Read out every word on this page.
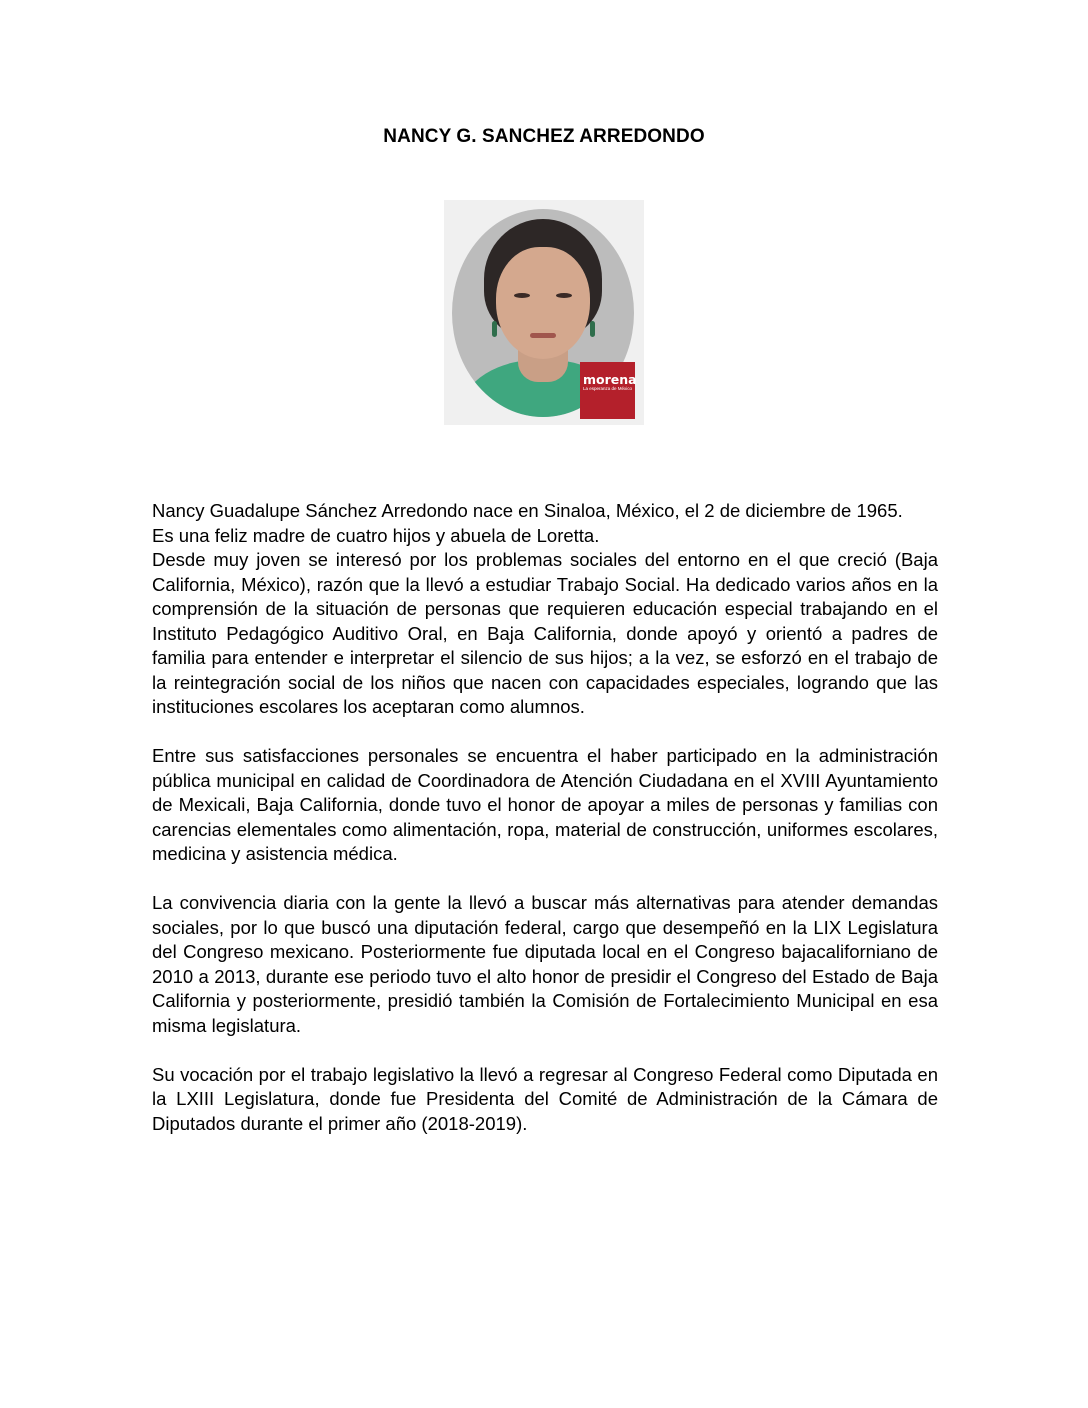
NANCY G. SANCHEZ ARREDONDO
morena
La esperanza de México

Nancy Guadalupe Sánchez Arredondo nace en Sinaloa, México, el 2 de diciembre de 1965.

Es una feliz madre de cuatro hijos y abuela de Loretta.

Desde muy joven se interesó por los problemas sociales del entorno en el que creció (Baja California, México), razón que la llevó a estudiar Trabajo Social. Ha dedicado varios años en la comprensión de la situación de personas que requieren educación especial trabajando en el Instituto Pedagógico Auditivo Oral, en Baja California, donde apoyó y orientó a padres de familia para entender e interpretar el silencio de sus hijos; a la vez, se esforzó en el trabajo de la reintegración social de los niños que nacen con capacidades especiales, logrando que las instituciones escolares los aceptaran como alumnos.

Entre sus satisfacciones personales se encuentra el haber participado en la administración pública municipal en calidad de Coordinadora de Atención Ciudadana en el XVIII Ayuntamiento de Mexicali, Baja California, donde tuvo el honor de apoyar a miles de personas y familias con carencias elementales como alimentación, ropa, material de construcción, uniformes escolares, medicina y asistencia médica.

La convivencia diaria con la gente la llevó a buscar más alternativas para atender demandas sociales, por lo que buscó una diputación federal, cargo que desempeñó en la LIX Legislatura del Congreso mexicano. Posteriormente fue diputada local en el Congreso bajacaliforniano de 2010 a 2013, durante ese periodo tuvo el alto honor de presidir el Congreso del Estado de Baja California y posteriormente, presidió también la Comisión de Fortalecimiento Municipal en esa misma legislatura.

Su vocación por el trabajo legislativo la llevó a regresar al Congreso Federal como Diputada en la LXIII Legislatura, donde fue Presidenta del Comité de Administración de la Cámara de Diputados durante el primer año (2018-2019).
